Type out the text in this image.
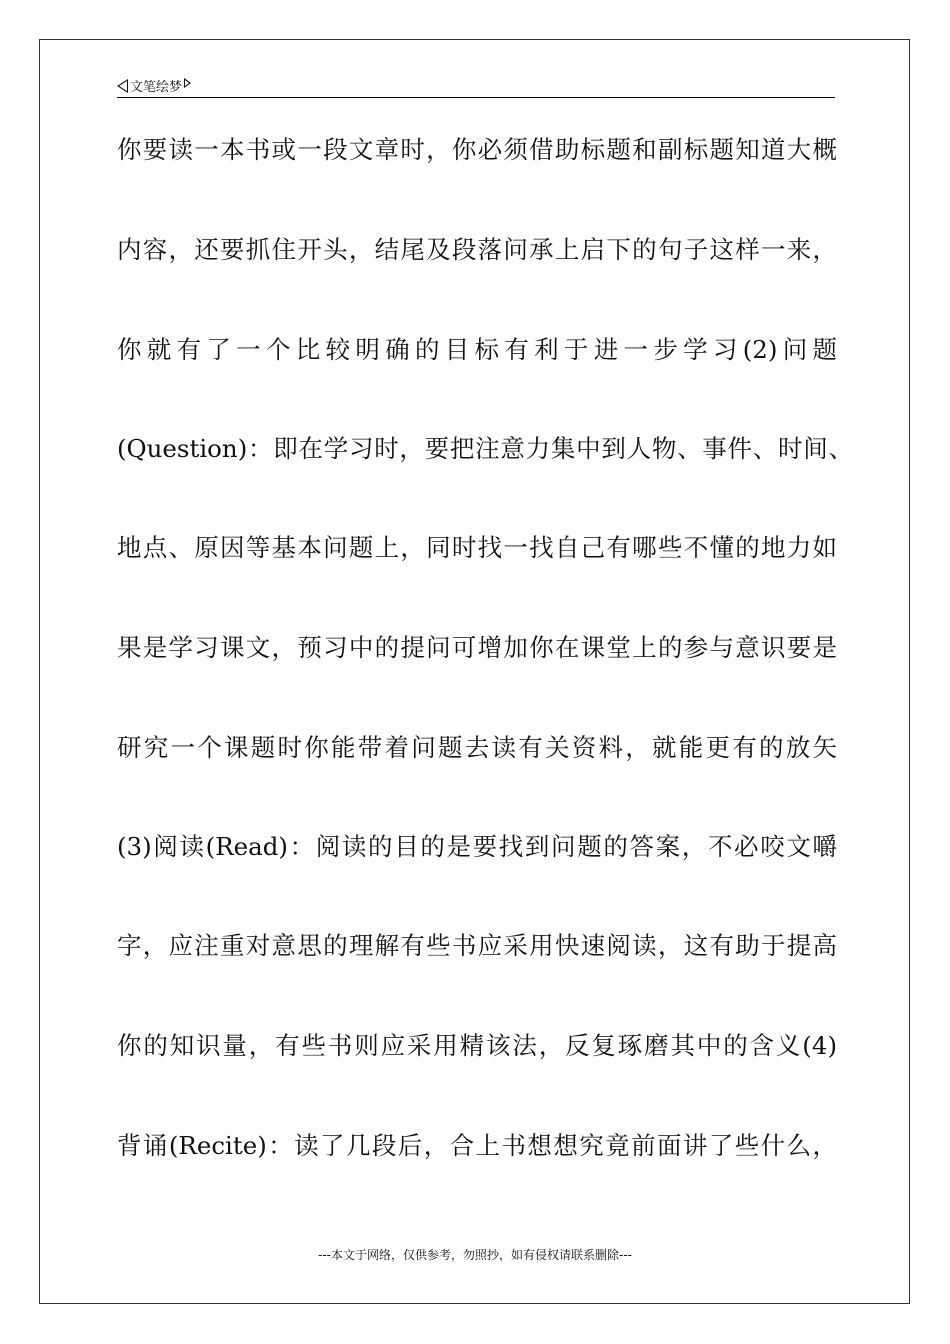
文笔绘梦
你要读一本书或一段文章时，你必须借助标题和副标题知道大概
内容，还要抓住开头，结尾及段落问承上启下的句子这样一来，
你就有了一个比较明确的目标有利于进一步学习(2)问题
(Question)：即在学习时，要把注意力集中到人物、事件、时间、
地点、原因等基本问题上，同时找一找自己有哪些不懂的地力如
果是学习课文，预习中的提问可增加你在课堂上的参与意识要是
研究一个课题时你能带着问题去读有关资料，就能更有的放矢
(3)阅读(Read)：阅读的目的是要找到问题的答案，不必咬文嚼
字，应注重对意思的理解有些书应采用快速阅读，这有助于提高
你的知识量，有些书则应采用精该法，反复琢磨其中的含义(4)
背诵(Recite)：读了几段后，合上书想想究竟前面讲了些什么，
---本文于网络，仅供参考，勿照抄，如有侵权请联系删除---
